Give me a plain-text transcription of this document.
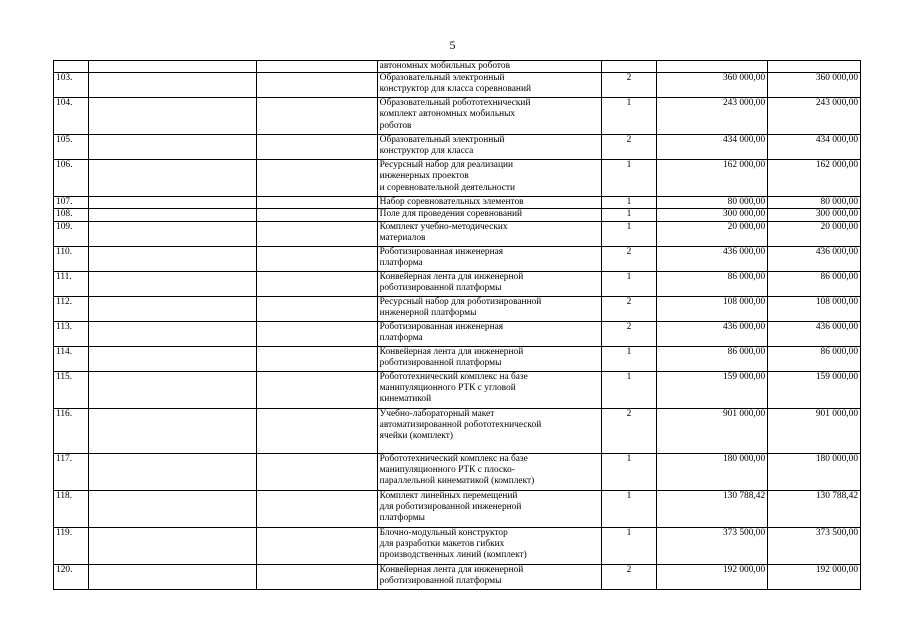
5
			автономных мобильных роботов			
103.			Образовательный электронный
конструктор для класса соревнований	2	360 000,00	360 000,00
104.			Образовательный робототехнический
комплект автономных мобильных
роботов	1	243 000,00	243 000,00
105.			Образовательный электронный
конструктор для класса	2	434 000,00	434 000,00
106.			Ресурсный набор для реализации
инженерных проектов
и соревновательной деятельности	1	162 000,00	162 000,00
107.			Набор соревновательных элементов	1	80 000,00	80 000,00
108.			Поле для проведения соревнований	1	300 000,00	300 000,00
109.			Комплект учебно-методических
материалов	1	20 000,00	20 000,00
110.			Роботизированная инженерная
платформа	2	436 000,00	436 000,00
111.			Конвейерная лента для инженерной
роботизированной платформы	1	86 000,00	86 000,00
112.			Ресурсный набор для роботизированной
инженерной платформы	2	108 000,00	108 000,00
113.			Роботизированная инженерная
платформа	2	436 000,00	436 000,00
114.			Конвейерная лента для инженерной
роботизированной платформы	1	86 000,00	86 000,00
115.			Робототехнический комплекс на базе
манипуляционного РТК с угловой
кинематикой	1	159 000,00	159 000,00
116.			Учебно-лабораторный макет
автоматизированной робототехнической
ячейки (комплект)	2	901 000,00	901 000,00
117.			Робототехнический комплекс на базе
манипуляционного РТК с плоско-
параллельной кинематикой (комплект)	1	180 000,00	180 000,00
118.			Комплект линейных перемещений
для роботизированной инженерной
платформы	1	130 788,42	130 788,42
119.			Блочно-модульный конструктор
для разработки макетов гибких
производственных линий (комплект)	1	373 500,00	373 500,00
120.			Конвейерная лента для инженерной
роботизированной платформы	2	192 000,00	192 000,00
